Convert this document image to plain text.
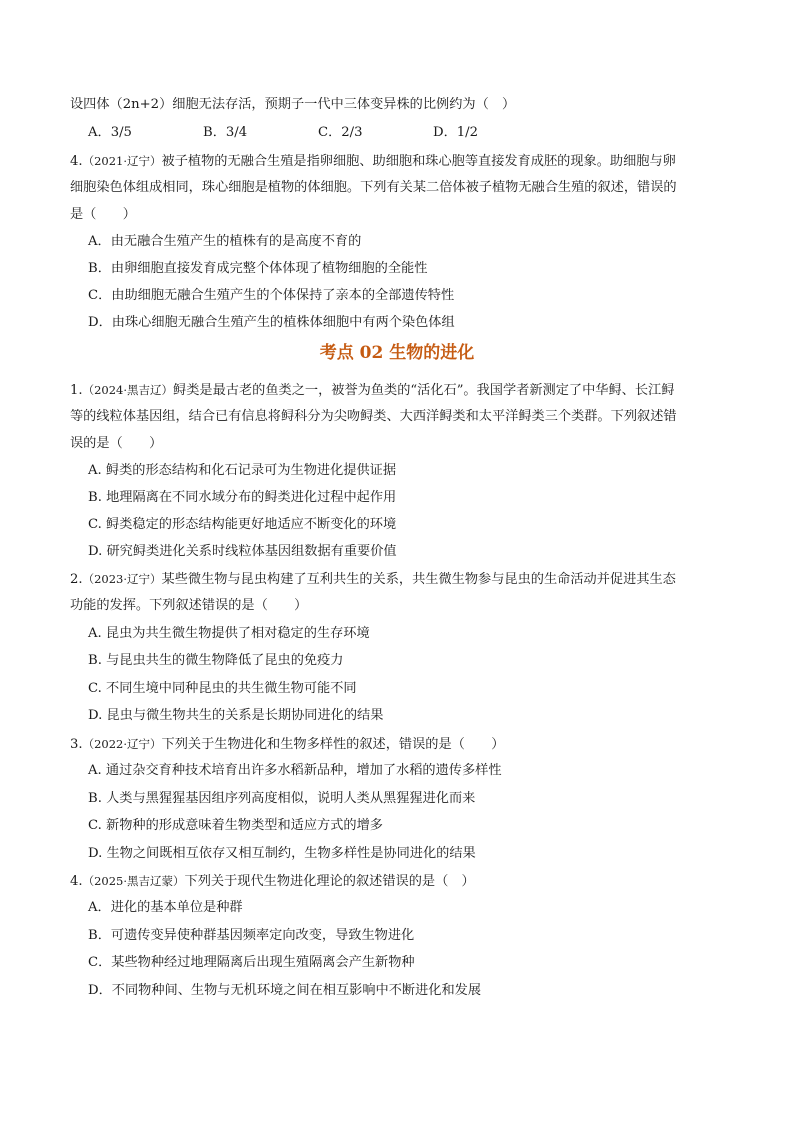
设四体（2n+2）细胞无法存活，预期子一代中三体变异株的比例约为（　）
A．3/5	B．3/4	C．2/3	D．1/2
4.（2021·辽宁）被子植物的无融合生殖是指卵细胞、助细胞和珠心胞等直接发育成胚的现象。助细胞与卵
细胞染色体组成相同，珠心细胞是植物的体细胞。下列有关某二倍体被子植物无融合生殖的叙述，错误的
是（　　）
A．由无融合生殖产生的植株有的是高度不育的
B．由卵细胞直接发育成完整个体体现了植物细胞的全能性
C．由助细胞无融合生殖产生的个体保持了亲本的全部遗传特性
D．由珠心细胞无融合生殖产生的植株体细胞中有两个染色体组
考点 02 生物的进化
1.（2024·黑吉辽）鲟类是最古老的鱼类之一，被誉为鱼类的“活化石”。我国学者新测定了中华鲟、长江鲟
等的线粒体基因组，结合已有信息将鲟科分为尖吻鲟类、大西洋鲟类和太平洋鲟类三个类群。下列叙述错
误的是（　　）
A. 鲟类的形态结构和化石记录可为生物进化提供证据
B. 地理隔离在不同水域分布的鲟类进化过程中起作用
C. 鲟类稳定的形态结构能更好地适应不断变化的环境
D. 研究鲟类进化关系时线粒体基因组数据有重要价值
2.（2023·辽宁）某些微生物与昆虫构建了互利共生的关系，共生微生物参与昆虫的生命活动并促进其生态
功能的发挥。下列叙述错误的是（　　）
A. 昆虫为共生微生物提供了相对稳定的生存环境
B. 与昆虫共生的微生物降低了昆虫的免疫力
C. 不同生境中同种昆虫的共生微生物可能不同
D. 昆虫与微生物共生的关系是长期协同进化的结果
3.（2022·辽宁）下列关于生物进化和生物多样性的叙述，错误的是（　　）
A. 通过杂交育种技术培育出许多水稻新品种，增加了水稻的遗传多样性
B. 人类与黑猩猩基因组序列高度相似，说明人类从黑猩猩进化而来
C. 新物种的形成意味着生物类型和适应方式的增多
D. 生物之间既相互依存又相互制约，生物多样性是协同进化的结果
4.（2025·黑吉辽蒙）下列关于现代生物进化理论的叙述错误的是（　）
A．进化的基本单位是种群
B．可遗传变异使种群基因频率定向改变，导致生物进化
C．某些物种经过地理隔离后出现生殖隔离会产生新物种
D．不同物种间、生物与无机环境之间在相互影响中不断进化和发展
